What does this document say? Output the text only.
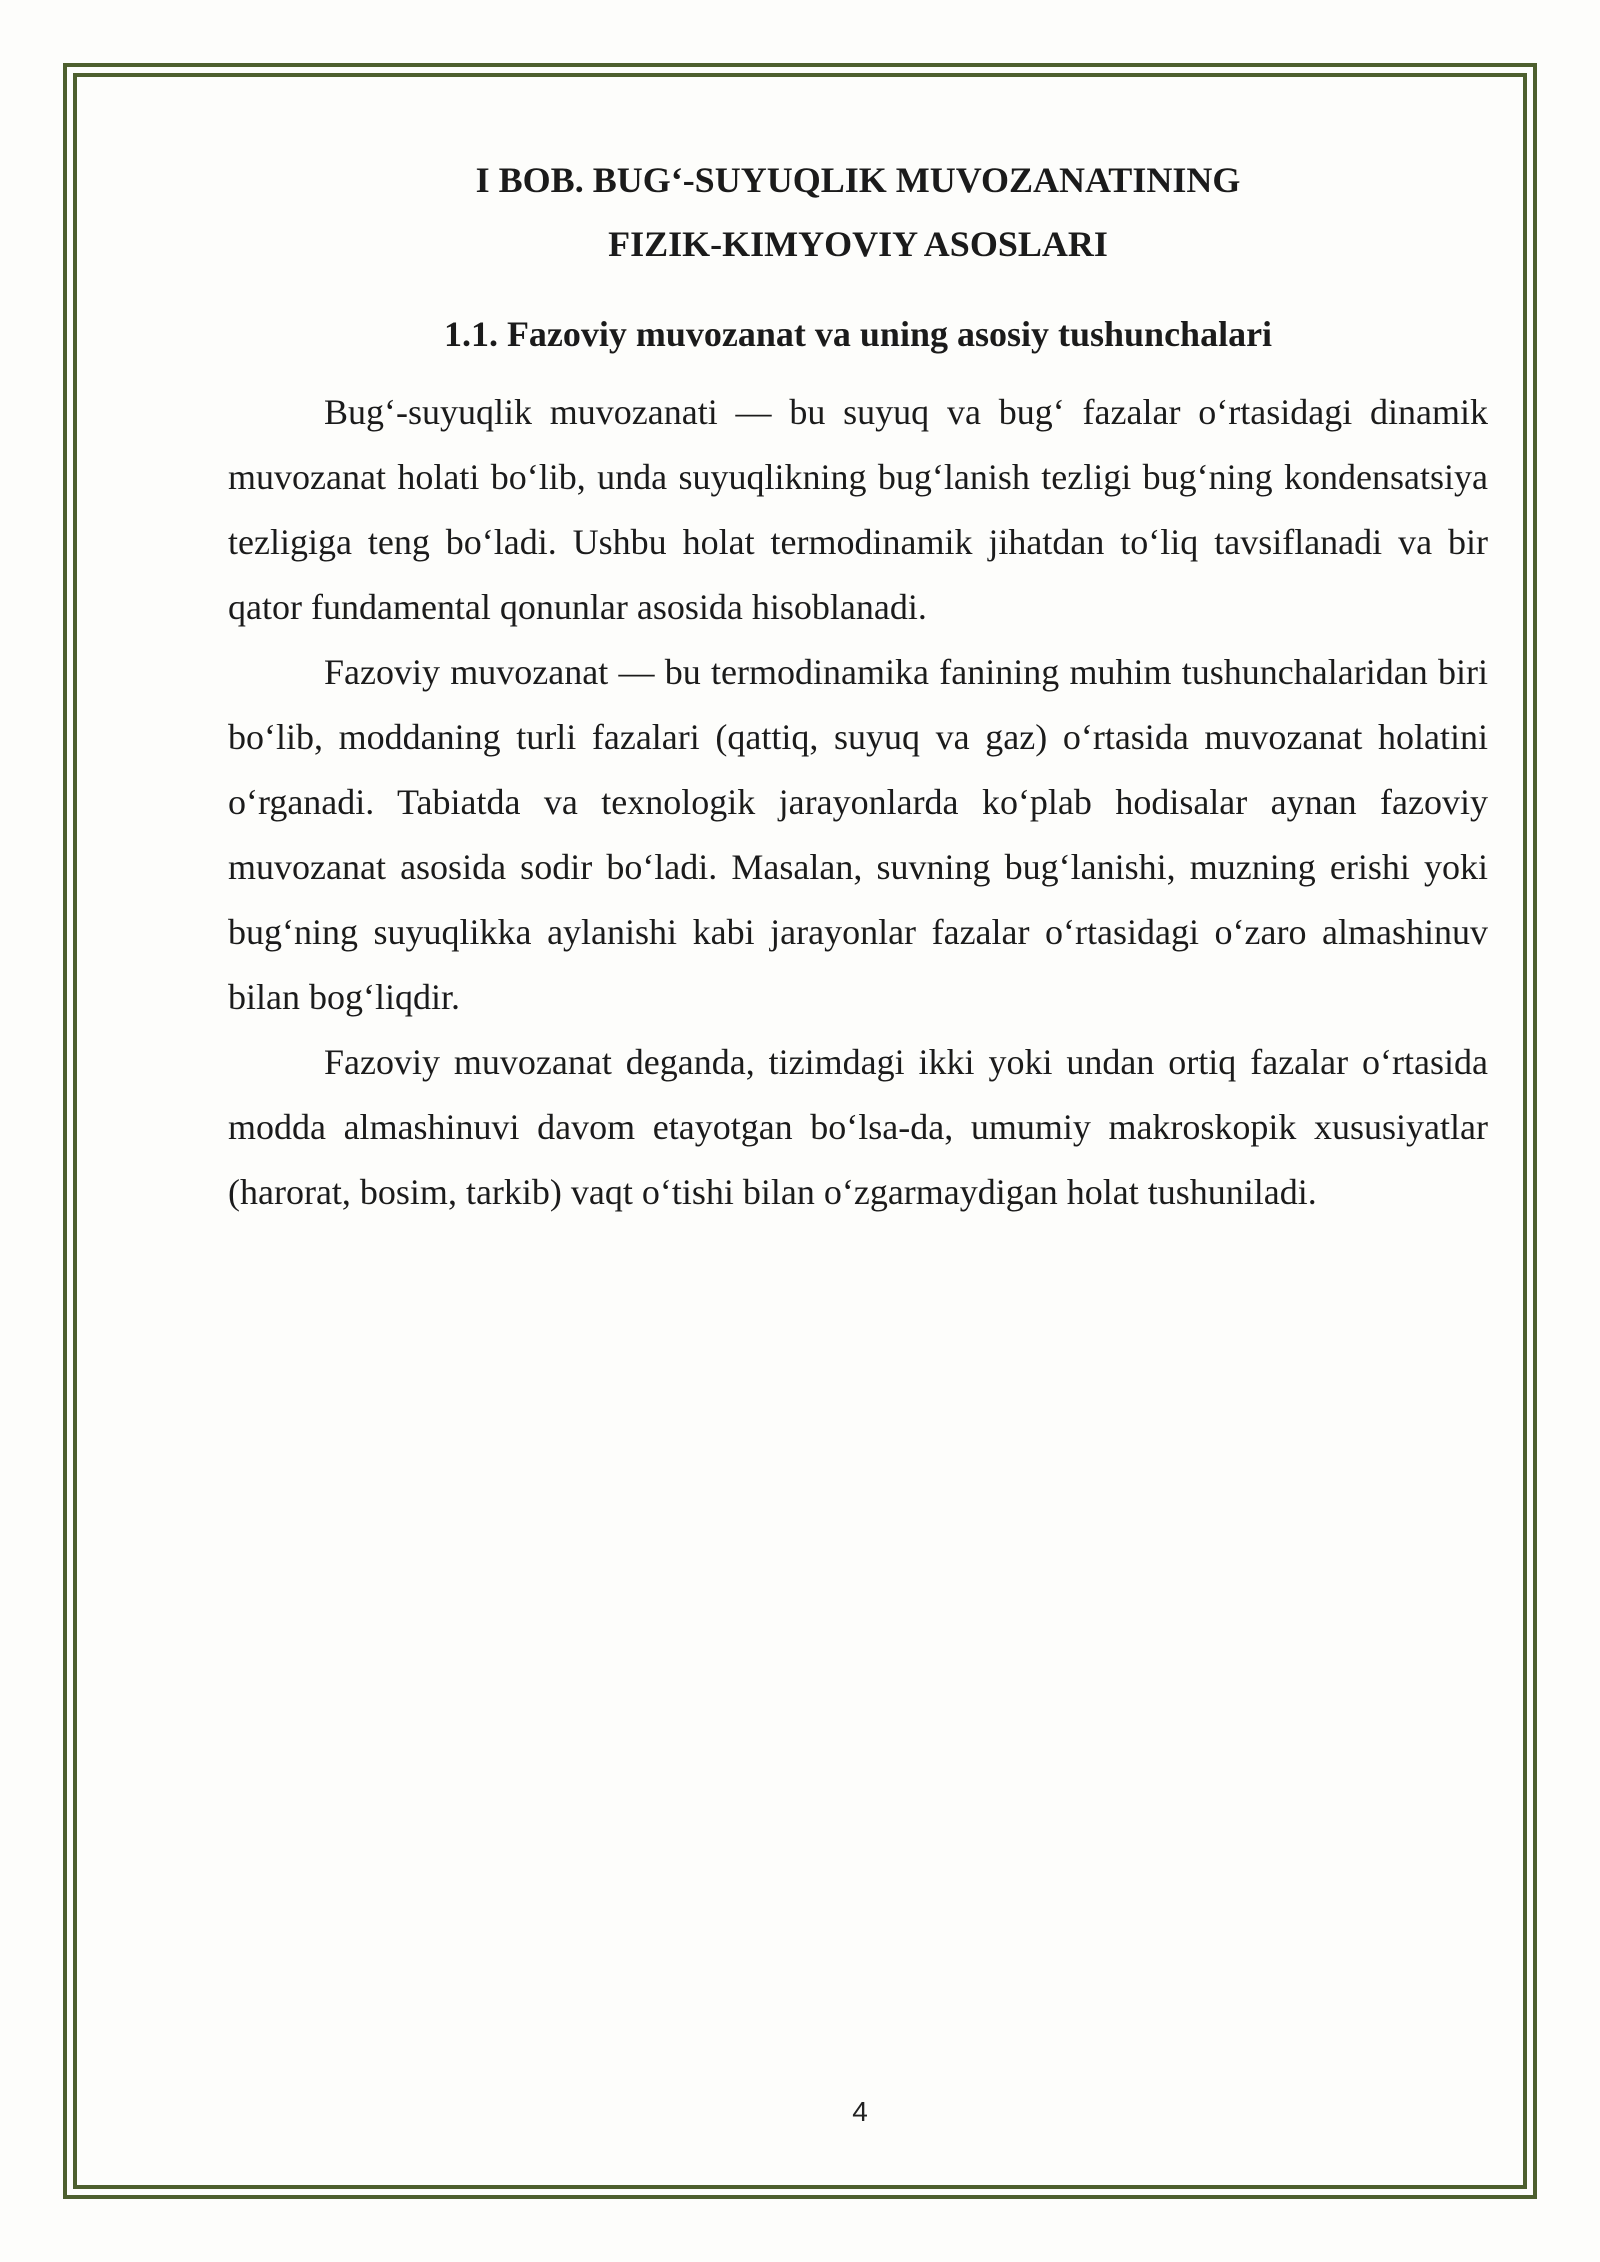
I BOB. BUG‘-SUYUQLIK MUVOZANATINING
FIZIK-KIMYOVIY ASOSLARI
1.1. Fazoviy muvozanat va uning asosiy tushunchalari

Bug‘-suyuqlik muvozanati — bu suyuq va bug‘ fazalar o‘rtasidagi dinamik muvozanat holati bo‘lib, unda suyuqlikning bug‘lanish tezligi bug‘ning kondensatsiya tezligiga teng bo‘ladi. Ushbu holat termodinamik jihatdan to‘liq tavsiflanadi va bir qator fundamental qonunlar asosida hisoblanadi.

Fazoviy muvozanat — bu termodinamika fanining muhim tushunchalaridan biri bo‘lib, moddaning turli fazalari (qattiq, suyuq va gaz) o‘rtasida muvozanat holatini o‘rganadi. Tabiatda va texnologik jarayonlarda ko‘plab hodisalar aynan fazoviy muvozanat asosida sodir bo‘ladi. Masalan, suvning bug‘lanishi, muzning erishi yoki bug‘ning suyuqlikka aylanishi kabi jarayonlar fazalar o‘rtasidagi o‘zaro almashinuv bilan bog‘liqdir.

Fazoviy muvozanat deganda, tizimdagi ikki yoki undan ortiq fazalar o‘rtasida modda almashinuvi davom etayotgan bo‘lsa-da, umumiy makroskopik xususiyatlar (harorat, bosim, tarkib) vaqt o‘tishi bilan o‘zgarmaydigan holat tushuniladi.

4
